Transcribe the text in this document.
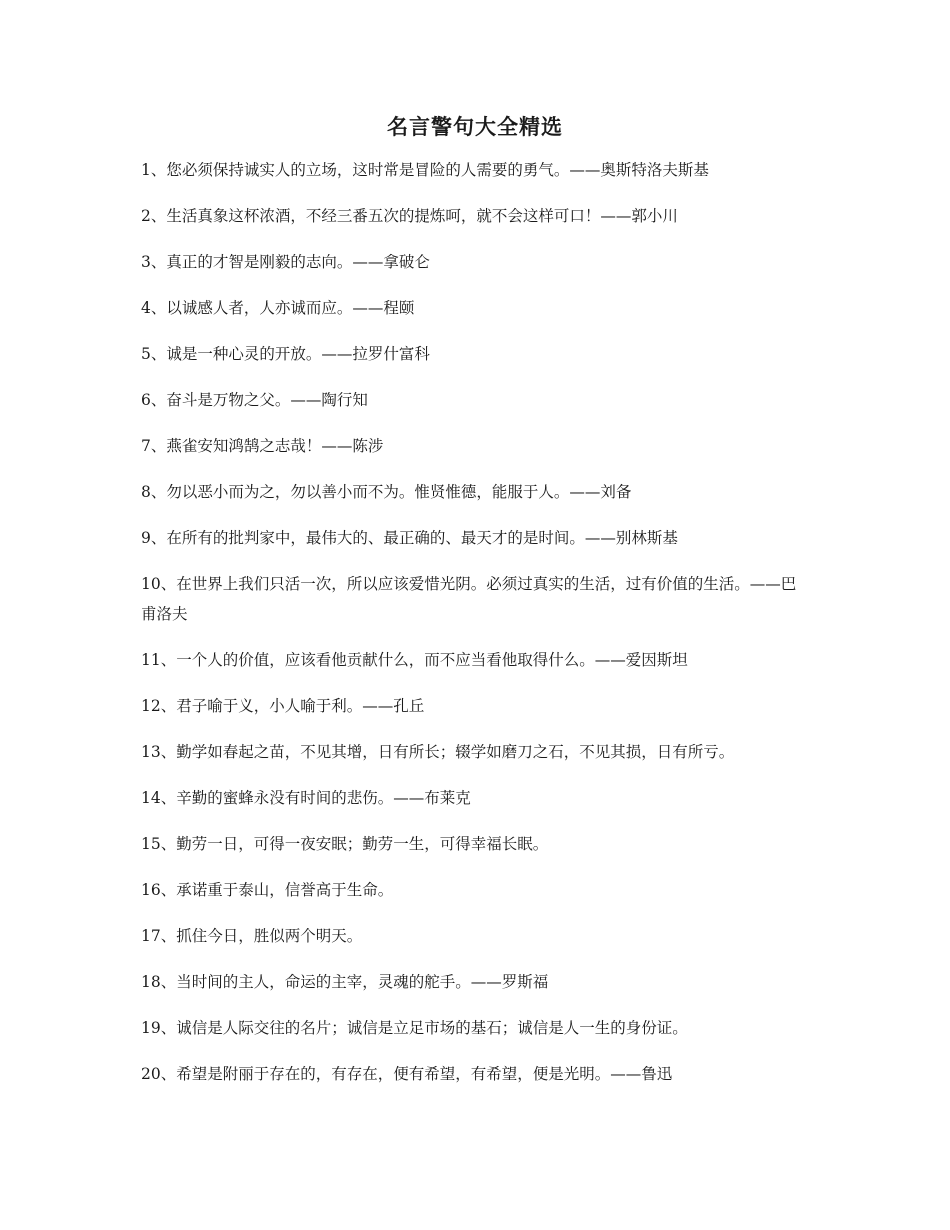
名言警句大全精选
1、您必须保持诚实人的立场，这时常是冒险的人需要的勇气。——奥斯特洛夫斯基
2、生活真象这杯浓酒，不经三番五次的提炼呵，就不会这样可口！——郭小川
3、真正的才智是刚毅的志向。——拿破仑
4、以诚感人者，人亦诚而应。——程颐
5、诚是一种心灵的开放。——拉罗什富科
6、奋斗是万物之父。——陶行知
7、燕雀安知鸿鹄之志哉！——陈涉
8、勿以恶小而为之，勿以善小而不为。惟贤惟德，能服于人。——刘备
9、在所有的批判家中，最伟大的、最正确的、最天才的是时间。——别林斯基
10、在世界上我们只活一次，所以应该爱惜光阴。必须过真实的生活，过有价值的生活。——巴甫洛夫
11、一个人的价值，应该看他贡献什么，而不应当看他取得什么。——爱因斯坦
12、君子喻于义，小人喻于利。——孔丘
13、勤学如春起之苗，不见其增，日有所长；辍学如磨刀之石，不见其损，日有所亏。
14、辛勤的蜜蜂永没有时间的悲伤。——布莱克
15、勤劳一日，可得一夜安眠；勤劳一生，可得幸福长眠。
16、承诺重于泰山，信誉高于生命。
17、抓住今日，胜似两个明天。
18、当时间的主人，命运的主宰，灵魂的舵手。——罗斯福
19、诚信是人际交往的名片；诚信是立足市场的基石；诚信是人一生的身份证。
20、希望是附丽于存在的，有存在，便有希望，有希望，便是光明。——鲁迅
